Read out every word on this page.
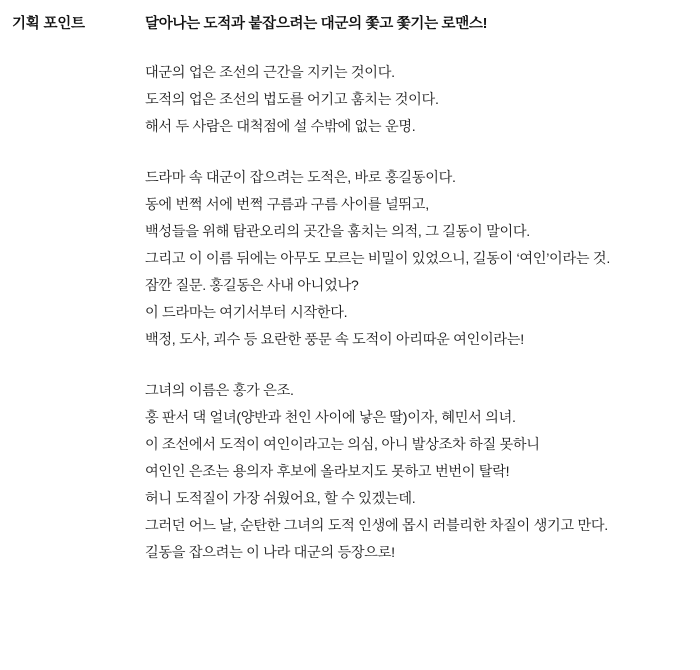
기획 포인트	달아나는 도적과 붙잡으려는 대군의 쫓고 쫓기는 로맨스!
대군의 업은 조선의 근간을 지키는 것이다.
도적의 업은 조선의 법도를 어기고 훔치는 것이다.
해서 두 사람은 대척점에 설 수밖에 없는 운명.
드라마 속 대군이 잡으려는 도적은, 바로 홍길동이다.
동에 번쩍 서에 번쩍 구름과 구름 사이를 널뛰고,
백성들을 위해 탐관오리의 곳간을 훔치는 의적, 그 길동이 말이다.
그리고 이 이름 뒤에는 아무도 모르는 비밀이 있었으니, 길동이 ‘여인’이라는 것.
잠깐 질문. 홍길동은 사내 아니었나?
이 드라마는 여기서부터 시작한다.
백정, 도사, 괴수 등 요란한 풍문 속 도적이 아리따운 여인이라는!
그녀의 이름은 홍가 은조.
홍 판서 댁 얼녀(양반과 천인 사이에 낳은 딸)이자, 혜민서 의녀.
이 조선에서 도적이 여인이라고는 의심, 아니 발상조차 하질 못하니
여인인 은조는 용의자 후보에 올라보지도 못하고 번번이 탈락!
허니 도적질이 가장 쉬웠어요, 할 수 있겠는데.
그러던 어느 날, 순탄한 그녀의 도적 인생에 몹시 러블리한 차질이 생기고 만다.
길동을 잡으려는 이 나라 대군의 등장으로!
